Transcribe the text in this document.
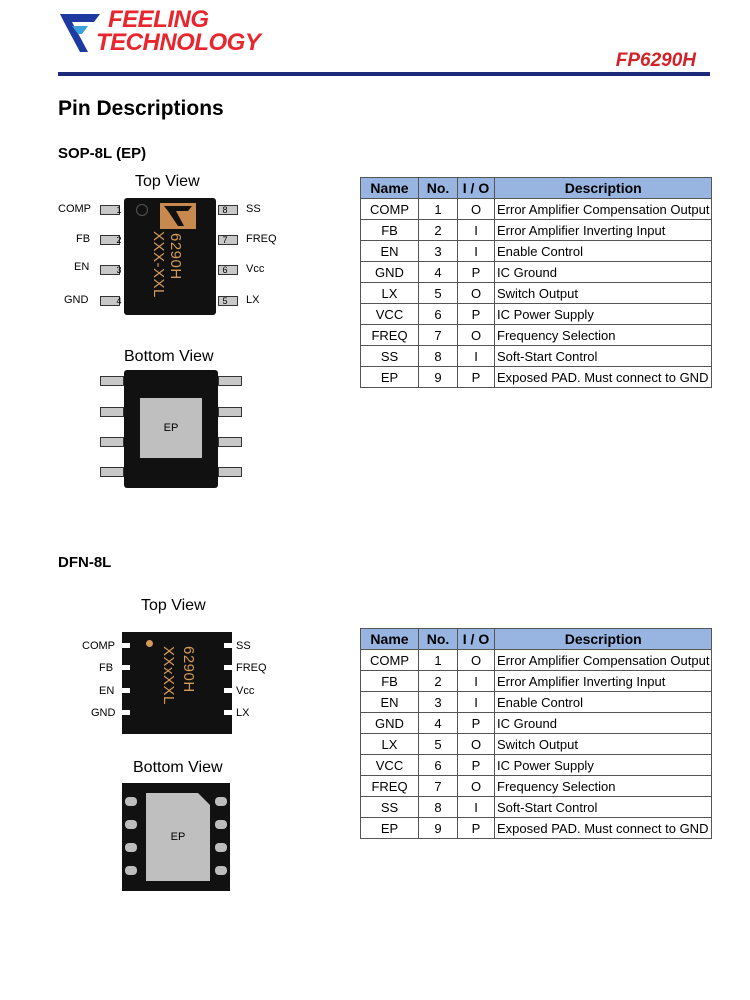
FEELING
TECHNOLOGY
FP6290H
Pin Descriptions
SOP-8L (EP)
Top View
6290H
XXX-XXL
1
COMP
2
FB
3
EN
4
GND
8 SS
7 FREQ
6 Vcc
5 LX
Bottom View
EP
Name	No.	I / O	Description
COMP	1	O	Error Amplifier Compensation Output
FB	2	I	Error Amplifier Inverting Input
EN	3	I	Enable Control
GND	4	P	IC Ground
LX	5	O	Switch Output
VCC	6	P	IC Power Supply
FREQ	7	O	Frequency Selection
SS	8	I	Soft-Start Control
EP	9	P	Exposed PAD. Must connect to GND
DFN-8L
Top View
6290H
XXxXXL
COMP
FB
EN
GND
SS
FREQ
Vcc
LX
Bottom View
EP
Name	No.	I / O	Description
COMP	1	O	Error Amplifier Compensation Output
FB	2	I	Error Amplifier Inverting Input
EN	3	I	Enable Control
GND	4	P	IC Ground
LX	5	O	Switch Output
VCC	6	P	IC Power Supply
FREQ	7	O	Frequency Selection
SS	8	I	Soft-Start Control
EP	9	P	Exposed PAD. Must connect to GND
